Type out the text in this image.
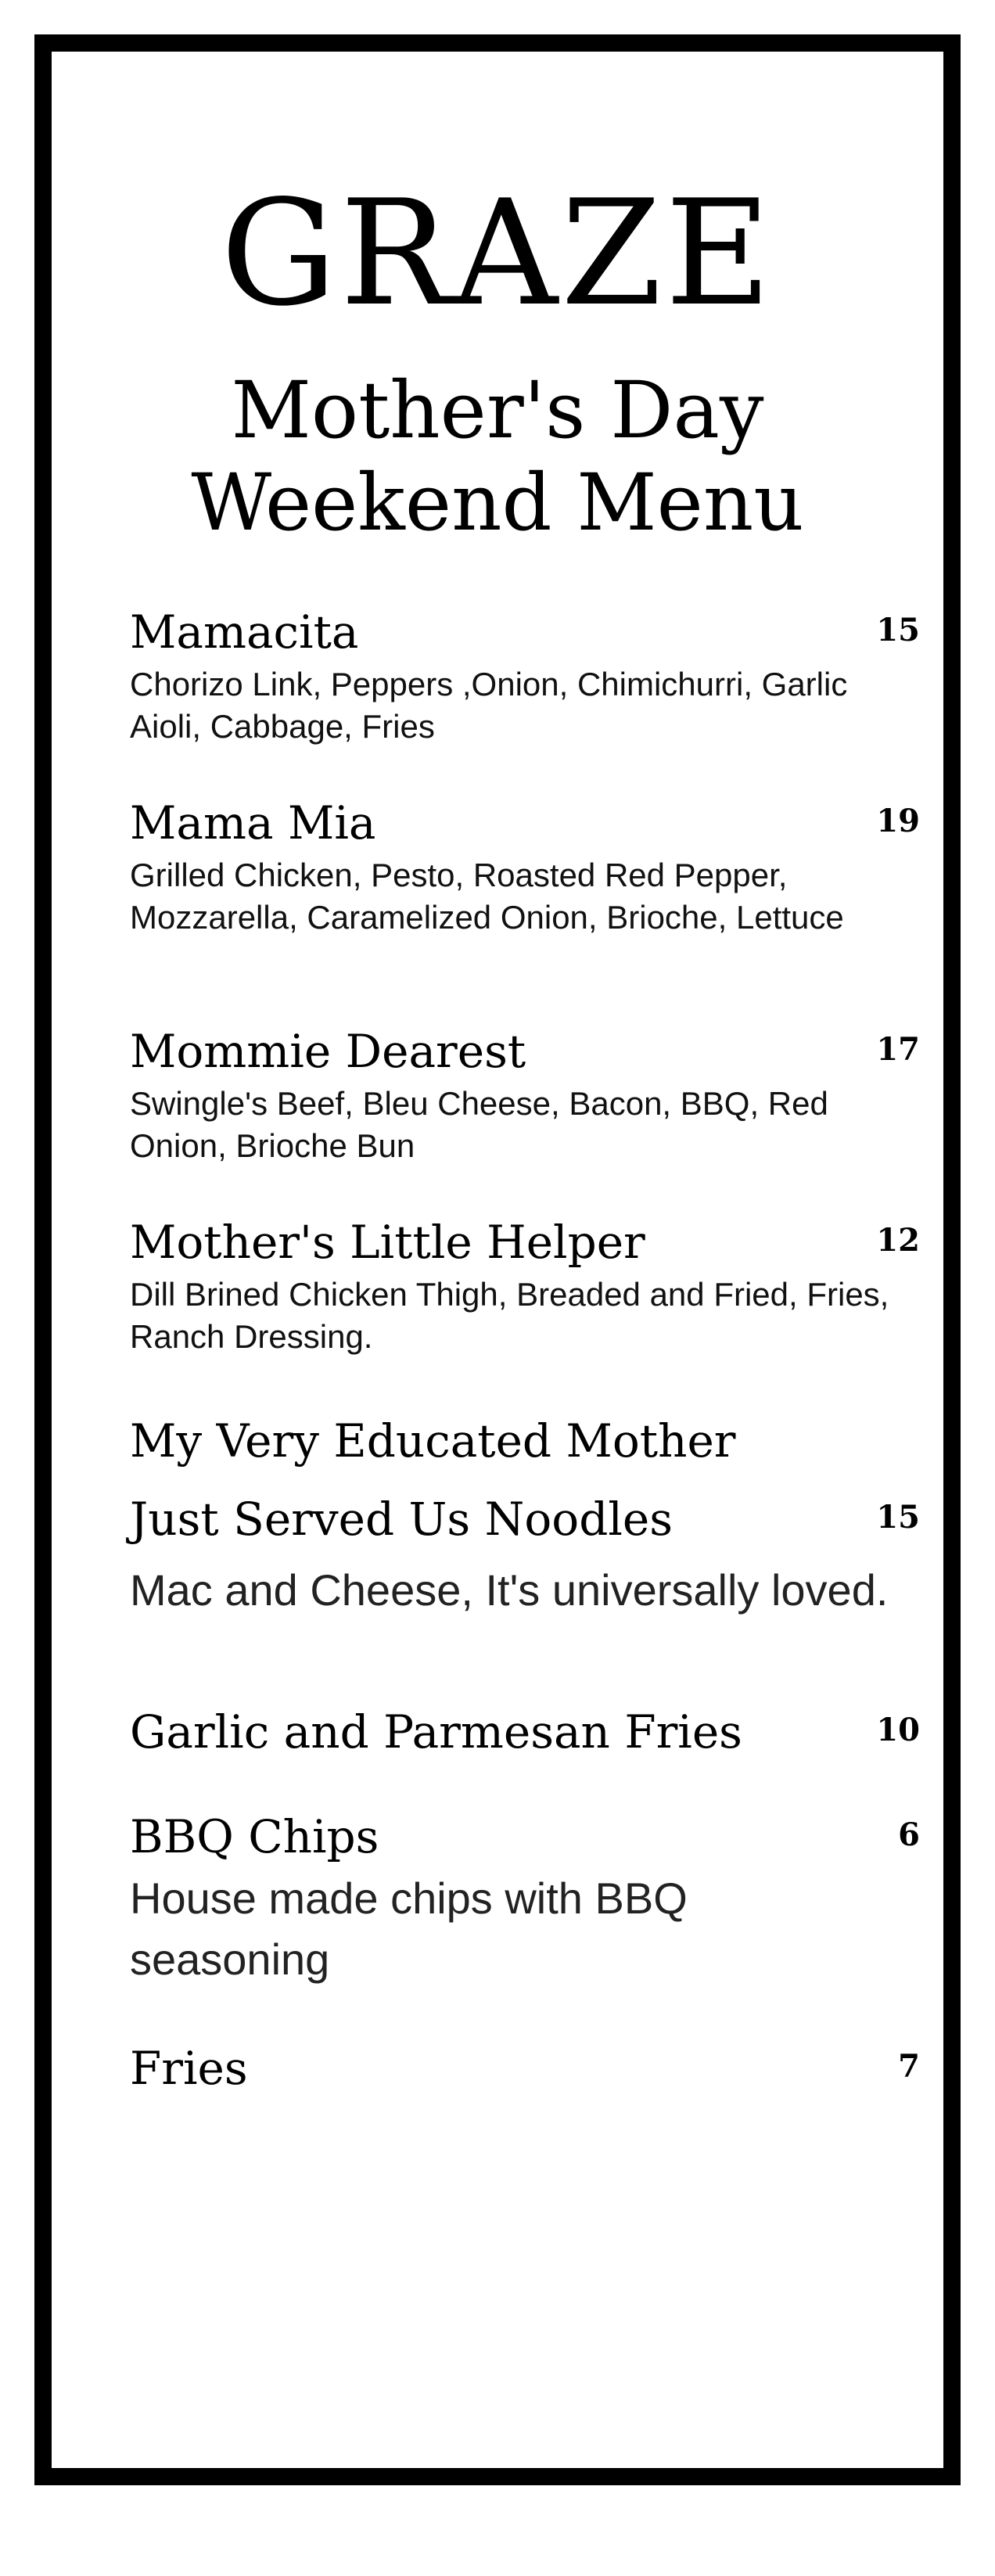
GRAZE
Mother's Day
Weekend Menu
Mamacita	15
Chorizo Link, Peppers ,Onion, Chimichurri, Garlic Aioli, Cabbage, Fries
Mama Mia	19
Grilled Chicken, Pesto, Roasted Red Pepper, Mozzarella, Caramelized Onion, Brioche, Lettuce
Mommie Dearest	17
Swingle's Beef, Bleu Cheese, Bacon, BBQ, Red Onion, Brioche Bun
Mother's Little Helper	12
Dill Brined Chicken Thigh, Breaded and Fried, Fries, Ranch Dressing.
My Very Educated Mother Just Served Us Noodles	15
Mac and Cheese, It's universally loved.
Garlic and Parmesan Fries	10
BBQ Chips	6
House made chips with BBQ seasoning
Fries	7
